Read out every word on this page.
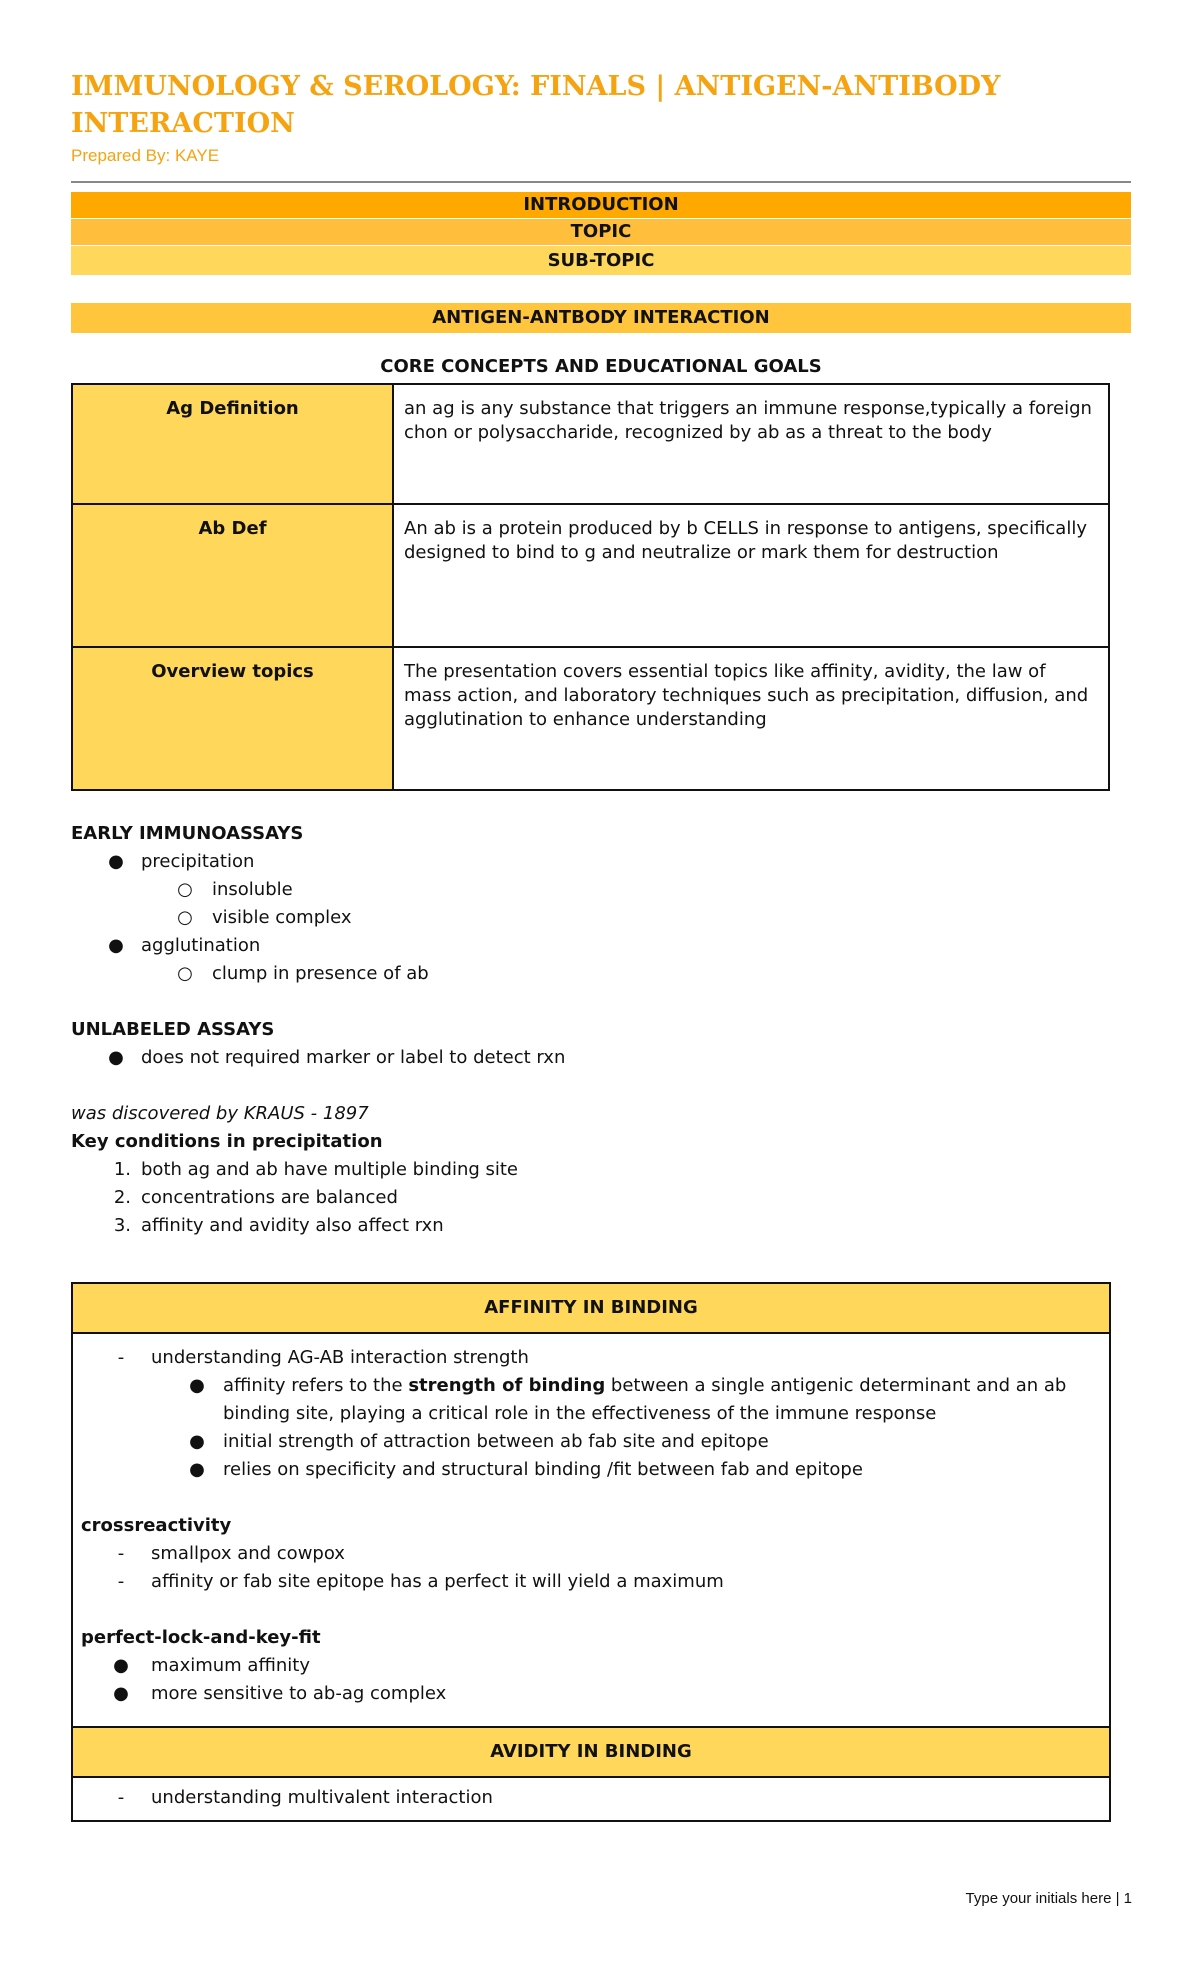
IMMUNOLOGY & SEROLOGY: FINALS | ANTIGEN-ANTIBODY INTERACTION
Prepared By: KAYE
INTRODUCTION
TOPIC
SUB-TOPIC
ANTIGEN-ANTBODY INTERACTION
CORE CONCEPTS AND EDUCATIONAL GOALS
Ag Definition	an ag is any substance that triggers an immune response,typically a foreign chon or polysaccharide, recognized by ab as a threat to the body
Ab Def	An ab is a protein produced by b CELLS in response to antigens, specifically designed to bind to g and neutralize or mark them for destruction
Overview topics	The presentation covers essential topics like affinity, avidity, the law of mass action, and laboratory techniques such as precipitation, diffusion, and agglutination to enhance understanding
EARLY IMMUNOASSAYS
● precipitation
○ insoluble
○ visible complex
● agglutination
○ clump in presence of ab
UNLABELED ASSAYS
● does not required marker or label to detect rxn
was discovered by KRAUS - 1897
Key conditions in precipitation
1. both ag and ab have multiple binding site
2. concentrations are balanced
3. affinity and avidity also affect rxn
AFFINITY IN BINDING
-	understanding AG-AB interaction strength
● affinity refers to the strength of binding between a single antigenic determinant and an ab binding site, playing a critical role in the effectiveness of the immune response
● initial strength of attraction between ab fab site and epitope
● relies on specificity and structural binding /fit between fab and epitope
crossreactivity
-	smallpox and cowpox
-	affinity or fab site epitope has a perfect it will yield a maximum
perfect-lock-and-key-fit
● maximum affinity
● more sensitive to ab-ag complex
AVIDITY IN BINDING
-	understanding multivalent interaction
Type your initials here | 1
